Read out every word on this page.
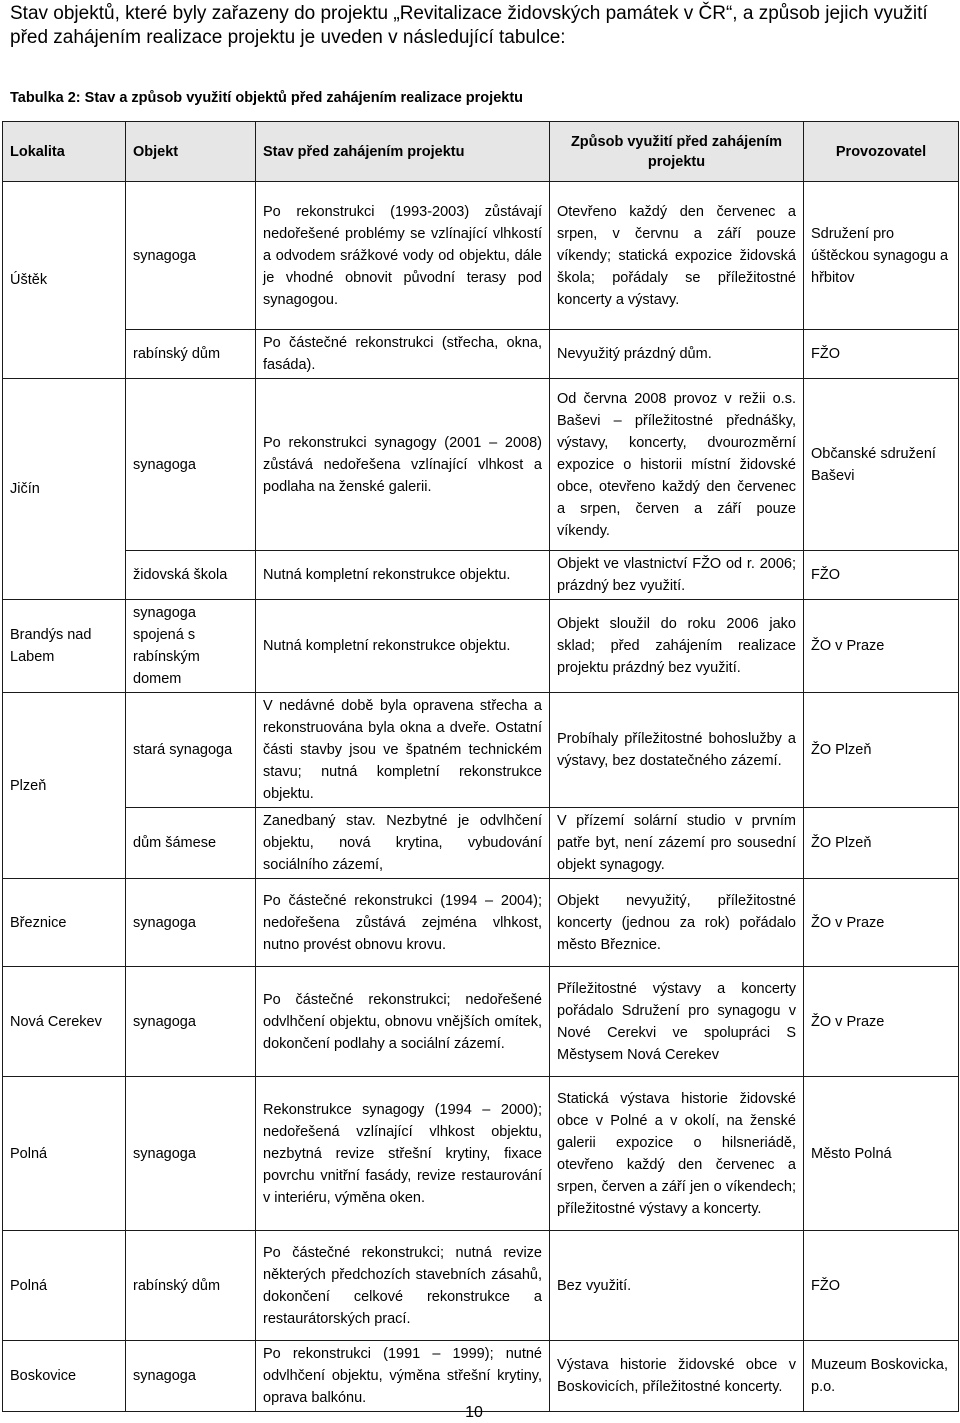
Stav objektů, které byly zařazeny do projektu „Revitalizace židovských památek v ČR“, a způsob jejich využití před zahájením realizace projektu je uveden v následující tabulce:
Tabulka 2: Stav a způsob využití objektů před zahájením realizace projektu
Lokalita	Objekt	Stav před zahájením projektu	Způsob využití před zahájením projektu	Provozovatel
Úštěk	synagoga	Po rekonstrukci (1993-2003) zůstávají nedořešené problémy se vzlínající vlhkostí a odvodem srážkové vody od objektu, dále je vhodné obnovit původní terasy pod synagogou.	Otevřeno každý den červenec a srpen, v červnu a září pouze víkendy; statická expozice židovská škola; pořádaly se příležitostné koncerty a výstavy.	Sdružení pro úštěckou synagogu a hřbitov
	rabínský dům	Po částečné rekonstrukci (střecha, okna, fasáda).	Nevyužitý prázdný dům.	FŽO
Jičín	synagoga	Po rekonstrukci synagogy (2001 – 2008) zůstává nedořešena vzlínající vlhkost a podlaha na ženské galerii.	Od června 2008 provoz v režii o.s. Baševi – příležitostné přednášky, výstavy, koncerty, dvourozměrní expozice o historii místní židovské obce, otevřeno každý den červenec a srpen, červen a září pouze víkendy.	Občanské sdružení Baševi
	židovská škola	Nutná kompletní rekonstrukce objektu.	Objekt ve vlastnictví FŽO od r. 2006; prázdný bez využití.	FŽO
Brandýs nad Labem	synagoga spojená s rabínským domem	Nutná kompletní rekonstrukce objektu.	Objekt sloužil do roku 2006 jako sklad; před zahájením realizace projektu prázdný bez využití.	ŽO v Praze
Plzeň	stará synagoga	V nedávné době byla opravena střecha a rekonstruována byla okna a dveře. Ostatní části stavby jsou ve špatném technickém stavu; nutná kompletní rekonstrukce objektu.	Probíhaly příležitostné bohoslužby a výstavy, bez dostatečného zázemí.	ŽO Plzeň
	dům šámese	Zanedbaný stav. Nezbytné je odvlhčení objektu, nová krytina, vybudování sociálního zázemí,	V přízemí solární studio v prvním patře byt, není zázemí pro sousední objekt synagogy.	ŽO Plzeň
Březnice	synagoga	Po částečné rekonstrukci (1994 – 2004); nedořešena zůstává zejména vlhkost, nutno provést obnovu krovu.	Objekt nevyužitý, příležitostné koncerty (jednou za rok) pořádalo město Březnice.	ŽO v Praze
Nová Cerekev	synagoga	Po částečné rekonstrukci; nedořešené odvlhčení objektu, obnovu vnějších omítek, dokončení podlahy a sociální zázemí.	Příležitostné výstavy a koncerty pořádalo Sdružení pro synagogu v Nové Cerekvi ve spolupráci S Městysem Nová Cerekev	ŽO v Praze
Polná	synagoga	Rekonstrukce synagogy (1994 – 2000); nedořešená vzlínající vlhkost objektu, nezbytná revize střešní krytiny, fixace povrchu vnitřní fasády, revize restaurování v interiéru, výměna oken.	Statická výstava historie židovské obce v Polné a v okolí, na ženské galerii expozice o hilsneriádě, otevřeno každý den červenec a srpen, červen a září jen o víkendech; příležitostné výstavy a koncerty.	Město Polná
Polná	rabínský dům	Po částečné rekonstrukci; nutná revize některých předchozích stavebních zásahů, dokončení celkové rekonstrukce a restaurátorských prací.	Bez využití.	FŽO
Boskovice	synagoga	Po rekonstrukci (1991 – 1999); nutné odvlhčení objektu, výměna střešní krytiny, oprava balkónu.	Výstava historie židovské obce v Boskovicích, příležitostné koncerty.	Muzeum Boskovicka, p.o.
10
